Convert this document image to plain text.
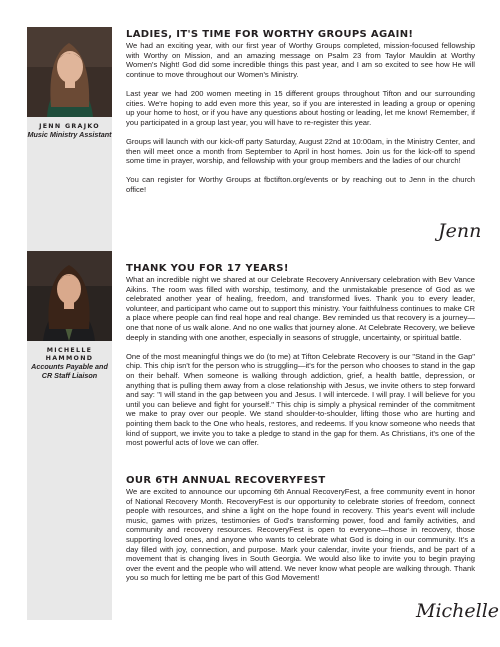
JENN GRAJKO
Music Ministry Assistant
MICHELLE HAMMOND
Accounts Payable and CR Staff Liaison
LADIES, IT'S TIME FOR WORTHY GROUPS AGAIN!

We had an exciting year, with our first year of Worthy Groups completed, mission-focused fellowship with Worthy on Mission, and an amazing message on Psalm 23 from Taylor Mauldin at Worthy Women's Night! God did some incredible things this past year, and I am so excited to see how He will continue to move throughout our Women's Ministry.

Last year we had 200 women meeting in 15 different groups throughout Tifton and our surrounding cities. We're hoping to add even more this year, so if you are interested in leading a group or opening up your home to host, or if you have any questions about hosting or leading, let me know! Remember, if you participated in a group last year, you will have to re-register this year.

Groups will launch with our kick-off party Saturday, August 22nd at 10:00am, in the Ministry Center, and then will meet once a month from September to April in host homes. Join us for the kick-off to spend some time in prayer, worship, and fellowship with your group members and the ladies of our church!

You can register for Worthy Groups at fbctifton.org/events or by reaching out to Jenn in the church office!

Jenn
THANK YOU FOR 17 YEARS!

What an incredible night we shared at our Celebrate Recovery Anniversary celebration with Bev Vance Aikins. The room was filled with worship, testimony, and the unmistakable presence of God as we celebrated another year of healing, freedom, and transformed lives. Thank you to every leader, volunteer, and participant who came out to support this ministry. Your faithfulness continues to make CR a place where people can find real hope and real change. Bev reminded us that recovery is a journey—one that none of us walk alone. And no one walks that journey alone. At Celebrate Recovery, we believe deeply in standing with one another, especially in seasons of struggle, uncertainty, or spiritual battle.

One of the most meaningful things we do (to me) at Tifton Celebrate Recovery is our "Stand in the Gap" chip. This chip isn't for the person who is struggling—it's for the person who chooses to stand in the gap on their behalf. When someone is walking through addiction, grief, a health battle, depression, or anything that is pulling them away from a close relationship with Jesus, we invite others to step forward and say: "I will stand in the gap between you and Jesus. I will intercede. I will pray. I will believe for you until you can believe and fight for yourself." This chip is simply a physical reminder of the commitment we make to pray over our people. We stand shoulder-to-shoulder, lifting those who are hurting and pointing them back to the One who heals, restores, and redeems. If you know someone who needs that kind of support, we invite you to take a pledge to stand in the gap for them. As Christians, it's one of the most powerful acts of love we can offer.

OUR 6TH ANNUAL RECOVERYFEST

We are excited to announce our upcoming 6th Annual RecoveryFest, a free community event in honor of National Recovery Month. RecoveryFest is our opportunity to celebrate stories of freedom, connect people with resources, and shine a light on the hope found in recovery. This year's event will include music, games with prizes, testimonies of God's transforming power, food and family activities, and community and recovery resources. RecoveryFest is open to everyone—those in recovery, those supporting loved ones, and anyone who wants to celebrate what God is doing in our community. It's a day filled with joy, connection, and purpose. Mark your calendar, invite your friends, and be part of a movement that is changing lives in South Georgia. We would also like to invite you to begin praying over the event and the people who will attend. We never know what people are walking through. Thank you so much for letting me be part of this God Movement!

Michelle
